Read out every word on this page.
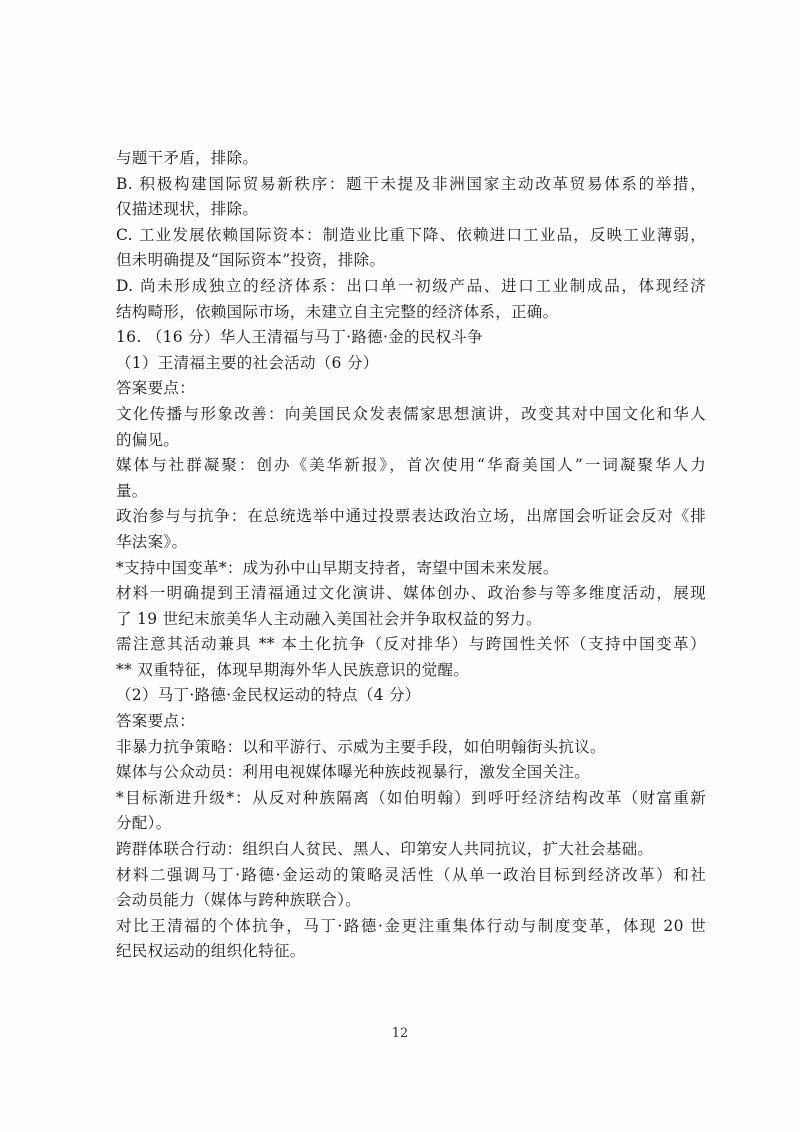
与题干矛盾，排除。
B. 积极构建国际贸易新秩序：题干未提及非洲国家主动改革贸易体系的举措，
仅描述现状，排除。
C. 工业发展依赖国际资本：制造业比重下降、依赖进口工业品，反映工业薄弱，
但未明确提及“国际资本”投资，排除。
D. 尚未形成独立的经济体系：出口单一初级产品、进口工业制成品，体现经济
结构畸形，依赖国际市场，未建立自主完整的经济体系，正确。
16. （16 分）华人王清福与马丁·路德·金的民权斗争
（1）王清福主要的社会活动（6 分）
答案要点：
文化传播与形象改善：向美国民众发表儒家思想演讲，改变其对中国文化和华人
的偏见。
媒体与社群凝聚：创办《美华新报》，首次使用“华裔美国人”一词凝聚华人力
量。
政治参与与抗争：在总统选举中通过投票表达政治立场，出席国会听证会反对《排
华法案》。
*支持中国变革*：成为孙中山早期支持者，寄望中国未来发展。
材料一明确提到王清福通过文化演讲、媒体创办、政治参与等多维度活动，展现
了 19 世纪末旅美华人主动融入美国社会并争取权益的努力。
需注意其活动兼具 ** 本土化抗争（反对排华）与跨国性关怀（支持中国变革）
** 双重特征，体现早期海外华人民族意识的觉醒。
（2）马丁·路德·金民权运动的特点（4 分）
答案要点：
非暴力抗争策略：以和平游行、示威为主要手段，如伯明翰街头抗议。
媒体与公众动员：利用电视媒体曝光种族歧视暴行，激发全国关注。
*目标渐进升级*：从反对种族隔离（如伯明翰）到呼吁经济结构改革（财富重新
分配）。
跨群体联合行动：组织白人贫民、黑人、印第安人共同抗议，扩大社会基础。
材料二强调马丁·路德·金运动的策略灵活性（从单一政治目标到经济改革）和社
会动员能力（媒体与跨种族联合）。
对比王清福的个体抗争，马丁·路德·金更注重集体行动与制度变革，体现 20 世
纪民权运动的组织化特征。
12
